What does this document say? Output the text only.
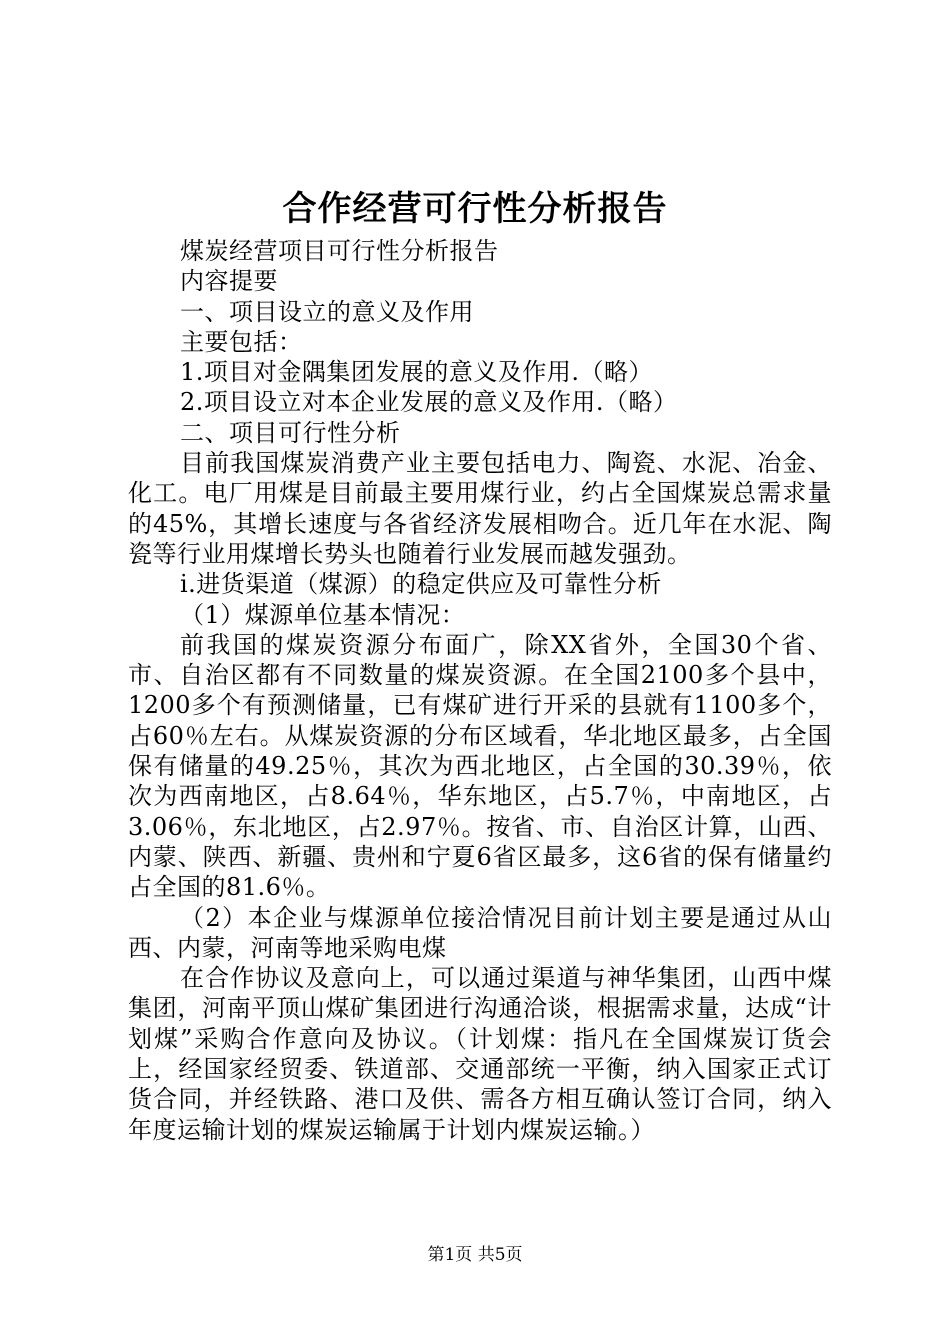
合作经营可行性分析报告

煤炭经营项目可行性分析报告

内容提要

一、项目设立的意义及作用

主要包括：

1.项目对金隅集团发展的意义及作用.（略）

2.项目设立对本企业发展的意义及作用.（略）

二、项目可行性分析

目前我国煤炭消费产业主要包括电力、陶瓷、水泥、冶金、化工。电厂用煤是目前最主要用煤行业，约占全国煤炭总需求量的45%，其增长速度与各省经济发展相吻合。近几年在水泥、陶瓷等行业用煤增长势头也随着行业发展而越发强劲。

i.进货渠道（煤源）的稳定供应及可靠性分析

（1）煤源单位基本情况：

前我国的煤炭资源分布面广，除XX省外，全国30个省、市、自治区都有不同数量的煤炭资源。在全国2100多个县中，1200多个有预测储量，已有煤矿进行开采的县就有1100多个，占60％左右。从煤炭资源的分布区域看，华北地区最多，占全国保有储量的49.25％，其次为西北地区，占全国的30.39％，依次为西南地区，占8.64％，华东地区，占5.7％，中南地区，占3.06％，东北地区，占2.97％。按省、市、自治区计算，山西、内蒙、陕西、新疆、贵州和宁夏6省区最多，这6省的保有储量约占全国的81.6％。

（2）本企业与煤源单位接洽情况目前计划主要是通过从山西、内蒙，河南等地采购电煤

在合作协议及意向上，可以通过渠道与神华集团，山西中煤集团，河南平顶山煤矿集团进行沟通洽谈，根据需求量，达成“计划煤”采购合作意向及协议。（计划煤：指凡在全国煤炭订货会上，经国家经贸委、铁道部、交通部统一平衡，纳入国家正式订货合同，并经铁路、港口及供、需各方相互确认签订合同，纳入年度运输计划的煤炭运输属于计划内煤炭运输。）

第1页 共5页
